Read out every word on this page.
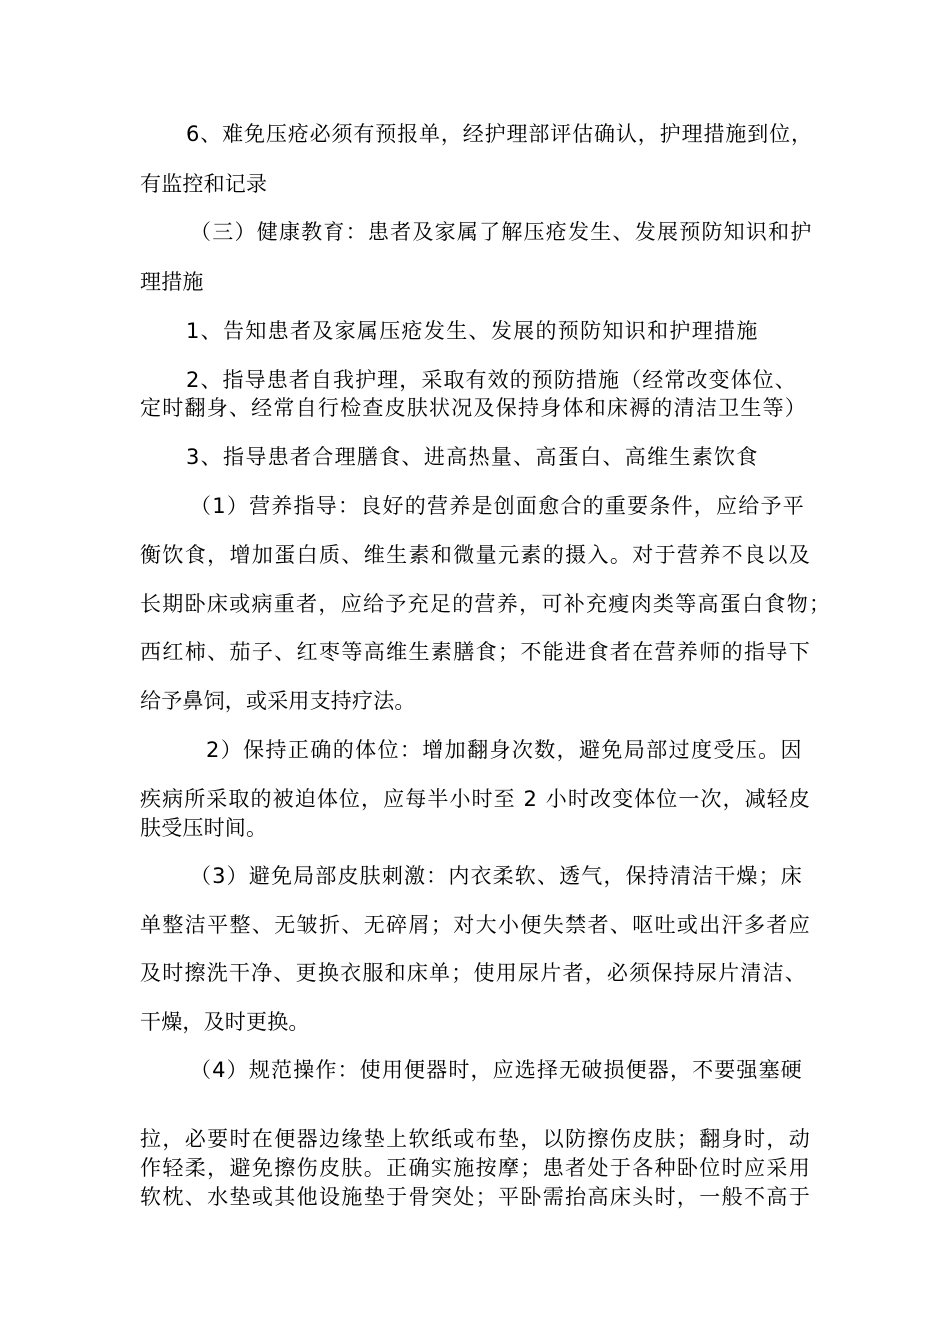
6、难免压疮必须有预报单，经护理部评估确认，护理措施到位，
有监控和记录
（三）健康教育：患者及家属了解压疮发生、发展预防知识和护
理措施
1、告知患者及家属压疮发生、发展的预防知识和护理措施
2、指导患者自我护理，采取有效的预防措施（经常改变体位、
定时翻身、经常自行检查皮肤状况及保持身体和床褥的清洁卫生等）
3、指导患者合理膳食、进高热量、高蛋白、高维生素饮食
（1）营养指导：良好的营养是创面愈合的重要条件，应给予平
衡饮食，增加蛋白质、维生素和微量元素的摄入。对于营养不良以及
长期卧床或病重者，应给予充足的营养，可补充瘦肉类等高蛋白食物；
西红柿、茄子、红枣等高维生素膳食；不能进食者在营养师的指导下
给予鼻饲，或采用支持疗法。
2）保持正确的体位：增加翻身次数，避免局部过度受压。因
疾病所采取的被迫体位，应每半小时至 2 小时改变体位一次，减轻皮
肤受压时间。
（3）避免局部皮肤刺激：内衣柔软、透气，保持清洁干燥；床
单整洁平整、无皱折、无碎屑；对大小便失禁者、呕吐或出汗多者应
及时擦洗干净、更换衣服和床单；使用尿片者，必须保持尿片清洁、
干燥，及时更换。
（4）规范操作：使用便器时，应选择无破损便器，不要强塞硬
拉，必要时在便器边缘垫上软纸或布垫，以防擦伤皮肤；翻身时，动
作轻柔，避免擦伤皮肤。正确实施按摩；患者处于各种卧位时应采用
软枕、水垫或其他设施垫于骨突处；平卧需抬高床头时，一般不高于
